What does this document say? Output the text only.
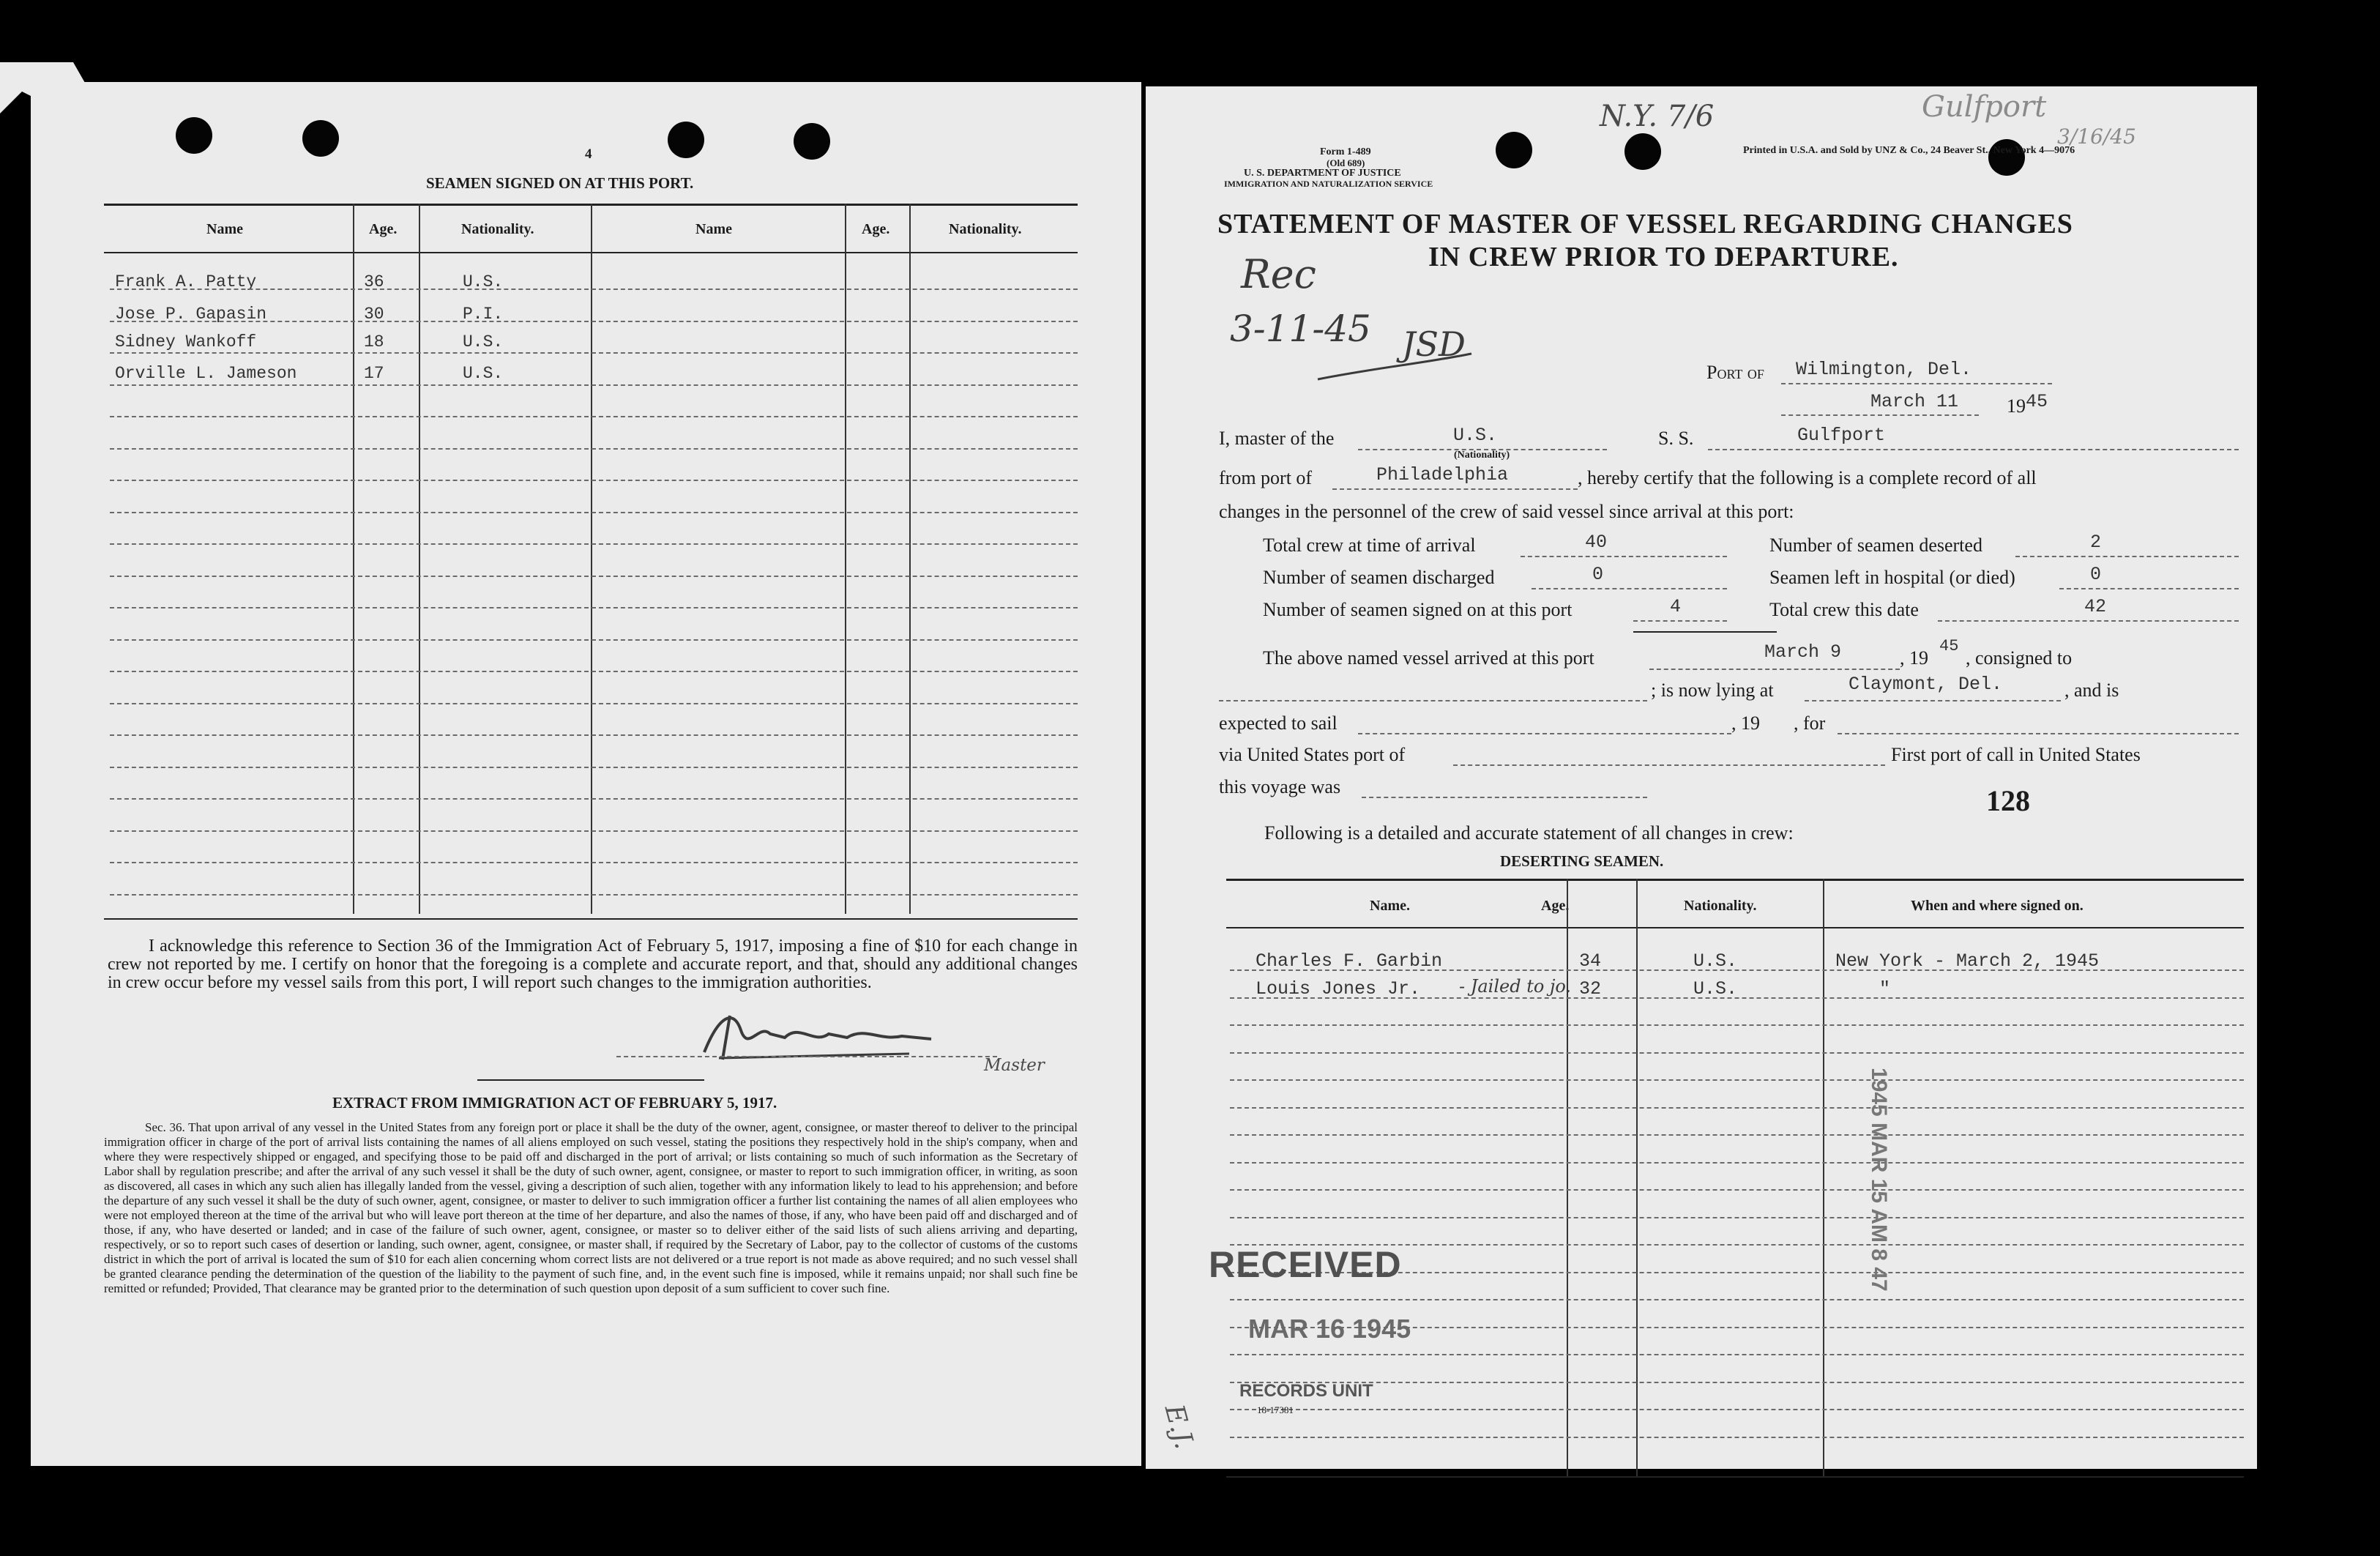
4
SEAMEN SIGNED ON AT THIS PORT.
Name	Age.	Nationality.	Name	Age.	Nationality.
Frank A. Patty	36	U.S.
Jose P. Gapasin	30	P.I.
Sidney Wankoff	18	U.S.
Orville L. Jameson	17	U.S.
I acknowledge this reference to Section 36 of the Immigration Act of February 5, 1917, imposing a fine of $10 for each change in crew not reported by me. I certify on honor that the foregoing is a complete and accurate report, and that, should any additional changes in crew occur before my vessel sails from this port, I will report such changes to the immigration authorities.
Master
EXTRACT FROM IMMIGRATION ACT OF FEBRUARY 5, 1917.
Sec. 36. That upon arrival of any vessel in the United States from any foreign port or place it shall be the duty of the owner, agent, consignee, or master thereof to deliver to the principal immigration officer in charge of the port of arrival lists containing the names of all aliens employed on such vessel, stating the positions they respectively hold in the ship's company, when and where they were respectively shipped or engaged, and specifying those to be paid off and discharged in the port of arrival; or lists containing so much of such information as the Secretary of Labor shall by regulation prescribe; and after the arrival of any such vessel it shall be the duty of such owner, agent, consignee, or master to report to such immigration officer, in writing, as soon as discovered, all cases in which any such alien has illegally landed from the vessel, giving a description of such alien, together with any information likely to lead to his apprehension; and before the departure of any such vessel it shall be the duty of such owner, agent, consignee, or master to deliver to such immigration officer a further list containing the names of all alien employees who were not employed thereon at the time of the arrival but who will leave port thereon at the time of her departure, and also the names of those, if any, who have been paid off and discharged and of those, if any, who have deserted or landed; and in case of the failure of such owner, agent, consignee, or master so to deliver either of the said lists of such aliens arriving and departing, respectively, or so to report such cases of desertion or landing, such owner, agent, consignee, or master shall, if required by the Secretary of Labor, pay to the collector of customs of the customs district in which the port of arrival is located the sum of $10 for each alien concerning whom correct lists are not delivered or a true report is not made as above required; and no such vessel shall be granted clearance pending the determination of the question of the liability to the payment of such fine, and, in the event such fine is imposed, while it remains unpaid; nor shall such fine be remitted or refunded; Provided, That clearance may be granted prior to the determination of such question upon deposit of a sum sufficient to cover such fine.
Form 1-489
(Old 689)
U. S. DEPARTMENT OF JUSTICE
IMMIGRATION AND NATURALIZATION SERVICE
Printed in U.S.A. and Sold by UNZ & Co., 24 Beaver St., New York 4—9076
N.Y. 7/6	Gulfport
3/16/45
STATEMENT OF MASTER OF VESSEL REGARDING CHANGES
IN CREW PRIOR TO DEPARTURE.
Rec
3-11-45 JSD
Port of Wilmington, Del.
March 11	19 45
I, master of the	U.S.
(Nationality)
S. S.	Gulfport
from port of	Philadelphia	, hereby certify that the following is a complete record of all
changes in the personnel of the crew of said vessel since arrival at this port:
Total crew at time of arrival	40	Number of seamen deserted	2
Number of seamen discharged	0	Seamen left in hospital (or died)	0
Number of seamen signed on at this port	4	Total crew this date	42
The above named vessel arrived at this port	March 9	, 19
45
, consigned to
; is now lying at	Claymont, Del.	, and is
expected to sail	, 19 , for
via United States port of	First port of call in United States
this voyage was	128
Following is a detailed and accurate statement of all changes in crew:
DESERTING SEAMEN.
Name.	Age.	Nationality.	When and where signed on.
Charles F. Garbin	34	U.S.	New York - March 2, 1945
Louis Jones Jr. - Jailed to jo. 32	U.S.	"
RECEIVED
MAR 16 1945
RECORDS UNIT
18-17381
E.J.
1945 MAR 15 AM 8 47
